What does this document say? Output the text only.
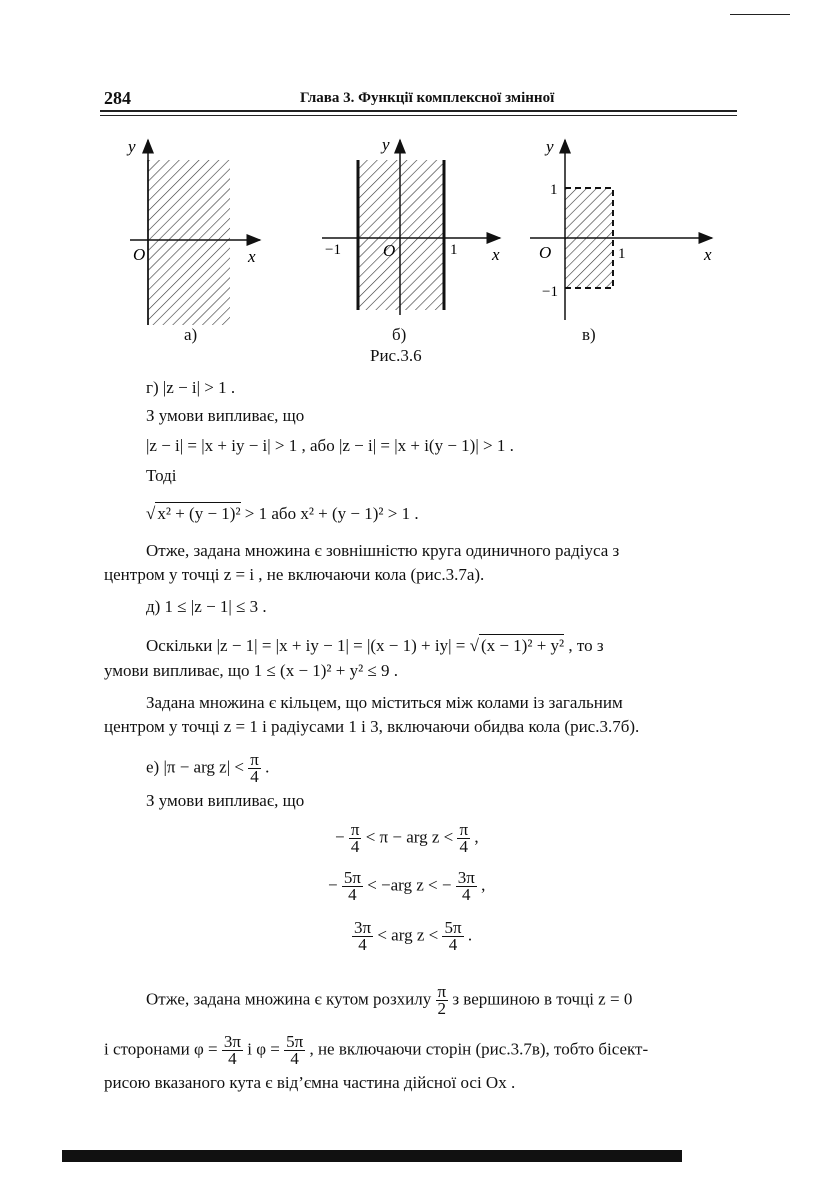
284	Глава 3. Функції комплексної змінної
y
O	x
y
O
−1	1 x
y
1
O	1
−1
x
а)	б)	в)
Рис.3.6
г) |z − i| > 1 .
З умови випливає, що
|z − i| = |x + iy − i| > 1 , або |z − i| = |x + i(y − 1)| > 1 .
Тоді
√ x² + (y − 1)² > 1 або x² + (y − 1)² > 1 .
Отже, задана множина є зовнішністю круга одиничного радіуса з
центром у точці z = i , не включаючи кола (рис.3.7а).
д) 1 ≤ |z − 1| ≤ 3 .
Оскільки |z − 1| = |x + iy − 1| = |(x − 1) + iy| = √ (x − 1)² + y² , то з
умови випливає, що 1 ≤ (x − 1)² + y² ≤ 9 .
Задана множина є кільцем, що міститься між колами із загальним
центром у точці z = 1 і радіусами 1 і 3, включаючи обидва кола (рис.3.7б).
е) |π − arg $z| < \frac{\pi}{4}$ .
З умови випливає, що
− $\frac{\pi}{4} < \pi$ − arg $z < \frac{\pi}{4}$ ,
− $\frac{5\pi}{4} < -arg$ z < − $\frac{3\pi}{4}$ ,
$\frac{3\pi}{4}$ < arg $z < \frac{5\pi}{4}$ .
Отже, задана множина є кутом розхилу $\frac{\pi}{2}$ з вершиною в точці z = 0
і сторонами $\varphi = \frac{3\pi}{4}$ і $\varphi = \frac{5\pi}{4}$ , не включаючи сторін (рис.3.7в), тобто бісект-
рисою вказаного кута є від’ємна частина дійсної осі Ox .
